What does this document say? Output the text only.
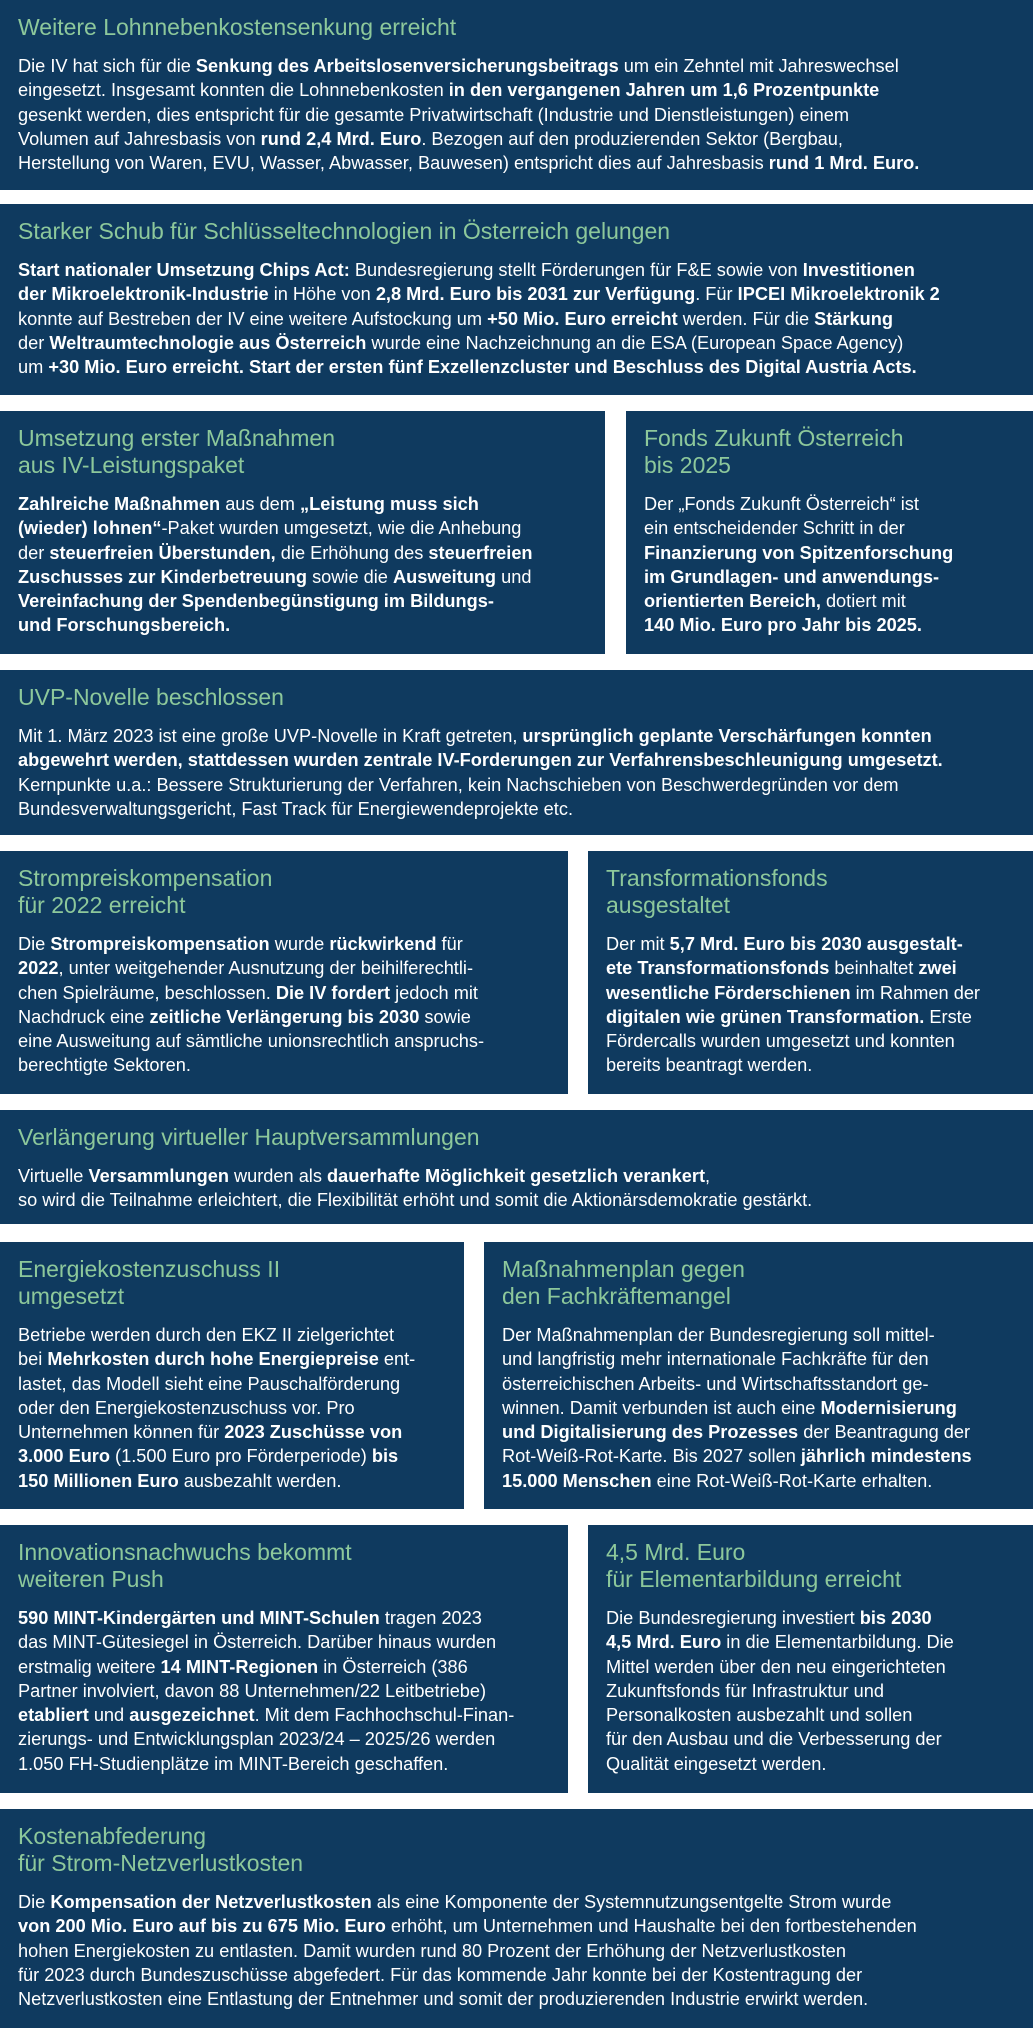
Weitere Lohnnebenkostensenkung erreicht

Die IV hat sich für die Senkung des Arbeitslosenversicherungsbeitrags um ein Zehntel mit Jahreswechsel
eingesetzt. Insgesamt konnten die Lohnnebenkosten in den vergangenen Jahren um 1,6 Prozentpunkte
gesenkt werden, dies entspricht für die gesamte Privatwirtschaft (Industrie und Dienstleistungen) einem
Volumen auf Jahresbasis von rund 2,4 Mrd. Euro. Bezogen auf den produzierenden Sektor (Bergbau,
Herstellung von Waren, EVU, Wasser, Abwasser, Bauwesen) entspricht dies auf Jahresbasis rund 1 Mrd. Euro.

Starker Schub für Schlüsseltechnologien in Österreich gelungen

Start nationaler Umsetzung Chips Act: Bundesregierung stellt Förderungen für F&E sowie von Investitionen
der Mikroelektronik-Industrie in Höhe von 2,8 Mrd. Euro bis 2031 zur Verfügung. Für IPCEI Mikroelektronik 2
konnte auf Bestreben der IV eine weitere Aufstockung um +50 Mio. Euro erreicht werden. Für die Stärkung
der Weltraumtechnologie aus Österreich wurde eine Nachzeichnung an die ESA (European Space Agency)
um +30 Mio. Euro erreicht. Start der ersten fünf Exzellenzcluster und Beschluss des Digital Austria Acts.

Umsetzung erster Maßnahmen
aus IV-Leistungspaket

Zahlreiche Maßnahmen aus dem „Leistung muss sich
(wieder) lohnen“-Paket wurden umgesetzt, wie die Anhebung
der steuerfreien Überstunden, die Erhöhung des steuerfreien
Zuschusses zur Kinderbetreuung sowie die Ausweitung und
Vereinfachung der Spendenbegünstigung im Bildungs-
und Forschungsbereich.

Fonds Zukunft Österreich
bis 2025

Der „Fonds Zukunft Österreich“ ist
ein entscheidender Schritt in der
Finanzierung von Spitzenforschung
im Grundlagen- und anwendungs-
orientierten Bereich, dotiert mit
140 Mio. Euro pro Jahr bis 2025.

UVP-Novelle beschlossen

Mit 1. März 2023 ist eine große UVP-Novelle in Kraft getreten, ursprünglich geplante Verschärfungen konnten
abgewehrt werden, stattdessen wurden zentrale IV-Forderungen zur Verfahrensbeschleunigung umgesetzt.
Kernpunkte u.a.: Bessere Strukturierung der Verfahren, kein Nachschieben von Beschwerdegründen vor dem
Bundesverwaltungsgericht, Fast Track für Energiewendeprojekte etc.

Strompreiskompensation
für 2022 erreicht

Die Strompreiskompensation wurde rückwirkend für
2022, unter weitgehender Ausnutzung der beihilferechtli-
chen Spielräume, beschlossen. Die IV fordert jedoch mit
Nachdruck eine zeitliche Verlängerung bis 2030 sowie
eine Ausweitung auf sämtliche unionsrechtlich anspruchs-
berechtigte Sektoren.

Transformationsfonds
ausgestaltet

Der mit 5,7 Mrd. Euro bis 2030 ausgestalt-
ete Transformationsfonds beinhaltet zwei
wesentliche Förderschienen im Rahmen der
digitalen wie grünen Transformation. Erste
Fördercalls wurden umgesetzt und konnten
bereits beantragt werden.

Verlängerung virtueller Hauptversammlungen

Virtuelle Versammlungen wurden als dauerhafte Möglichkeit gesetzlich verankert,
so wird die Teilnahme erleichtert, die Flexibilität erhöht und somit die Aktionärsdemokratie gestärkt.

Energiekostenzuschuss II
umgesetzt

Betriebe werden durch den EKZ II zielgerichtet
bei Mehrkosten durch hohe Energiepreise ent-
lastet, das Modell sieht eine Pauschalförderung
oder den Energiekostenzuschuss vor. Pro
Unternehmen können für 2023 Zuschüsse von
3.000 Euro (1.500 Euro pro Förderperiode) bis
150 Millionen Euro ausbezahlt werden.

Maßnahmenplan gegen
den Fachkräftemangel

Der Maßnahmenplan der Bundesregierung soll mittel-
und langfristig mehr internationale Fachkräfte für den
österreichischen Arbeits- und Wirtschaftsstandort ge-
winnen. Damit verbunden ist auch eine Modernisierung
und Digitalisierung des Prozesses der Beantragung der
Rot-Weiß-Rot-Karte. Bis 2027 sollen jährlich mindestens
15.000 Menschen eine Rot-Weiß-Rot-Karte erhalten.

Innovationsnachwuchs bekommt
weiteren Push

590 MINT-Kindergärten und MINT-Schulen tragen 2023
das MINT-Gütesiegel in Österreich. Darüber hinaus wurden
erstmalig weitere 14 MINT-Regionen in Österreich (386
Partner involviert, davon 88 Unternehmen/22 Leitbetriebe)
etabliert und ausgezeichnet. Mit dem Fachhochschul-Finan-
zierungs- und Entwicklungsplan 2023/24 – 2025/26 werden
1.050 FH-Studienplätze im MINT-Bereich geschaffen.

4,5 Mrd. Euro
für Elementarbildung erreicht

Die Bundesregierung investiert bis 2030
4,5 Mrd. Euro in die Elementarbildung. Die
Mittel werden über den neu eingerichteten
Zukunftsfonds für Infrastruktur und
Personalkosten ausbezahlt und sollen
für den Ausbau und die Verbesserung der
Qualität eingesetzt werden.

Kostenabfederung
für Strom-Netzverlustkosten

Die Kompensation der Netzverlustkosten als eine Komponente der Systemnutzungsentgelte Strom wurde
von 200 Mio. Euro auf bis zu 675 Mio. Euro erhöht, um Unternehmen und Haushalte bei den fortbestehenden
hohen Energiekosten zu entlasten. Damit wurden rund 80 Prozent der Erhöhung der Netzverlustkosten
für 2023 durch Bundeszuschüsse abgefedert. Für das kommende Jahr konnte bei der Kostentragung der
Netzverlustkosten eine Entlastung der Entnehmer und somit der produzierenden Industrie erwirkt werden.
